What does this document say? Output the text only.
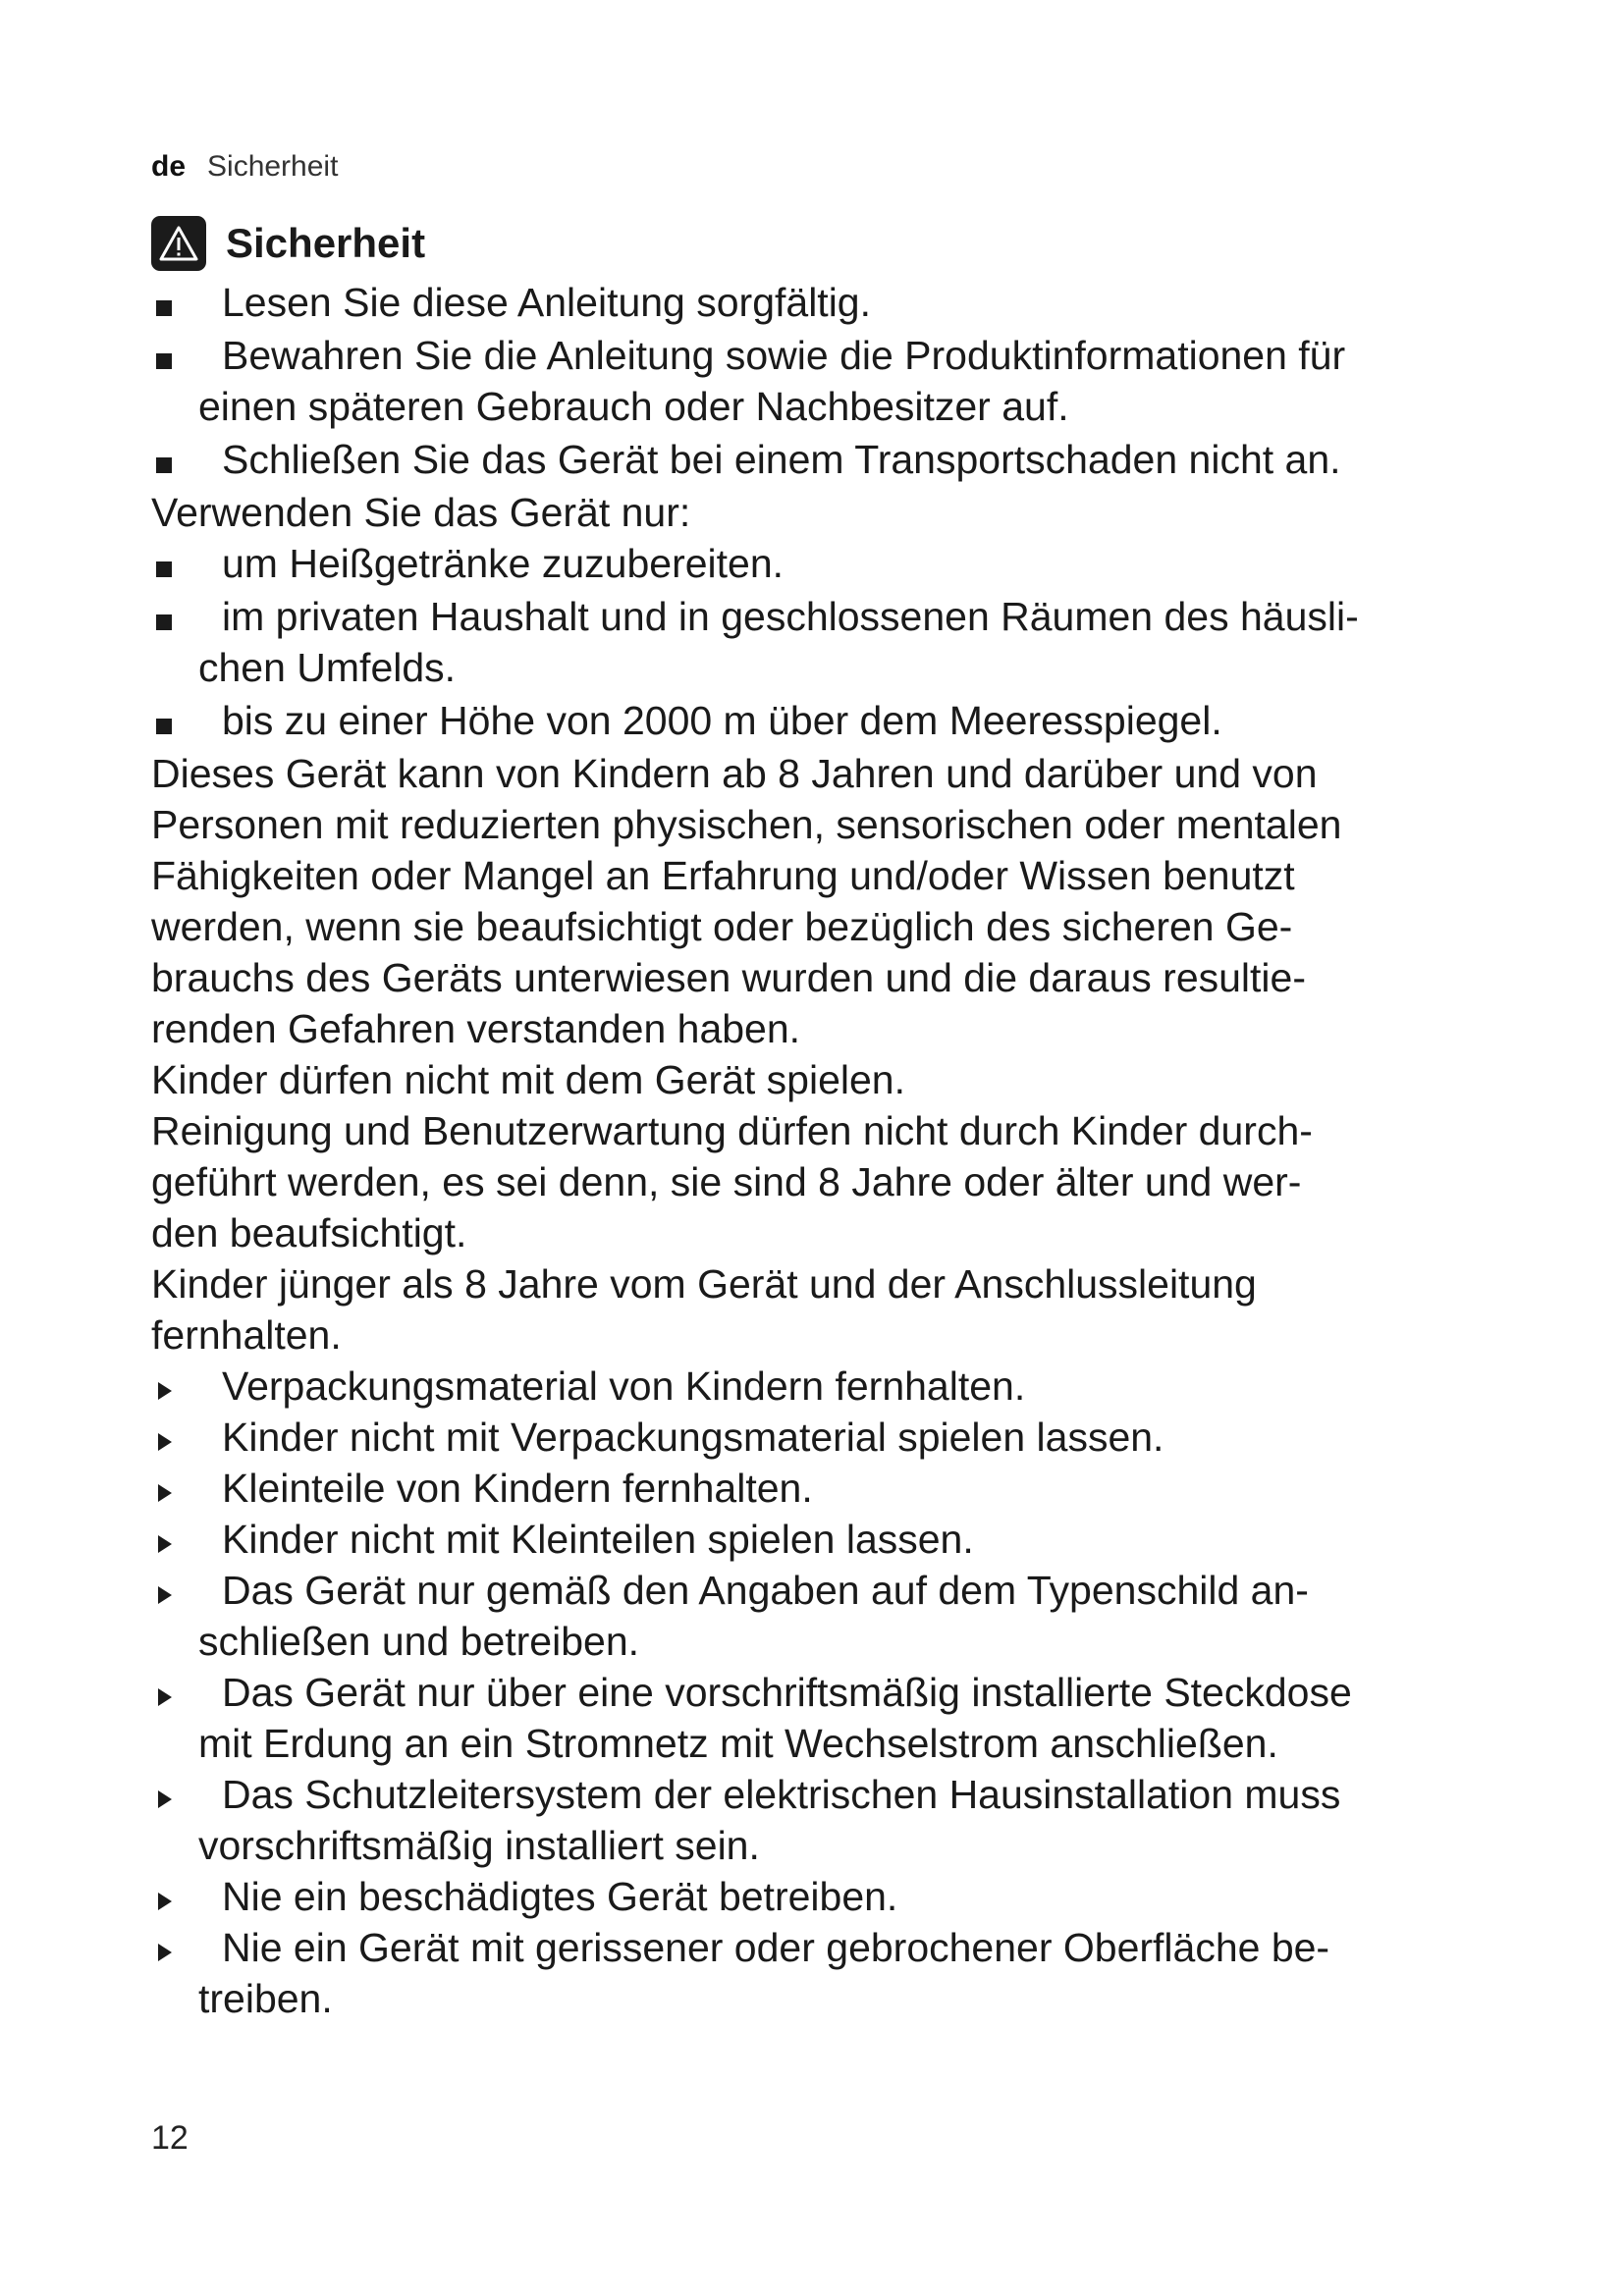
de Sicherheit
Sicherheit

Lesen Sie diese Anleitung sorgfältig.

Bewahren Sie die Anleitung sowie die Produktinformationen für
einen späteren Gebrauch oder Nachbesitzer auf.

Schließen Sie das Gerät bei einem Transportschaden nicht an.

Verwenden Sie das Gerät nur:

um Heißgetränke zuzubereiten.

im privaten Haushalt und in geschlossenen Räumen des häusli-
chen Umfelds.

bis zu einer Höhe von 2000 m über dem Meeresspiegel.

Dieses Gerät kann von Kindern ab 8 Jahren und darüber und von

Personen mit reduzierten physischen, sensorischen oder mentalen

Fähigkeiten oder Mangel an Erfahrung und/oder Wissen benutzt

werden, wenn sie beaufsichtigt oder bezüglich des sicheren Ge-

brauchs des Geräts unterwiesen wurden und die daraus resultie-

renden Gefahren verstanden haben.

Kinder dürfen nicht mit dem Gerät spielen.

Reinigung und Benutzerwartung dürfen nicht durch Kinder durch-

geführt werden, es sei denn, sie sind 8 Jahre oder älter und wer-

den beaufsichtigt.

Kinder jünger als 8 Jahre vom Gerät und der Anschlussleitung

fernhalten.

Verpackungsmaterial von Kindern fernhalten.

Kinder nicht mit Verpackungsmaterial spielen lassen.

Kleinteile von Kindern fernhalten.

Kinder nicht mit Kleinteilen spielen lassen.

Das Gerät nur gemäß den Angaben auf dem Typenschild an-
schließen und betreiben.

Das Gerät nur über eine vorschriftsmäßig installierte Steckdose
mit Erdung an ein Stromnetz mit Wechselstrom anschließen.

Das Schutzleitersystem der elektrischen Hausinstallation muss
vorschriftsmäßig installiert sein.

Nie ein beschädigtes Gerät betreiben.

Nie ein Gerät mit gerissener oder gebrochener Oberfläche be-
treiben.

12
